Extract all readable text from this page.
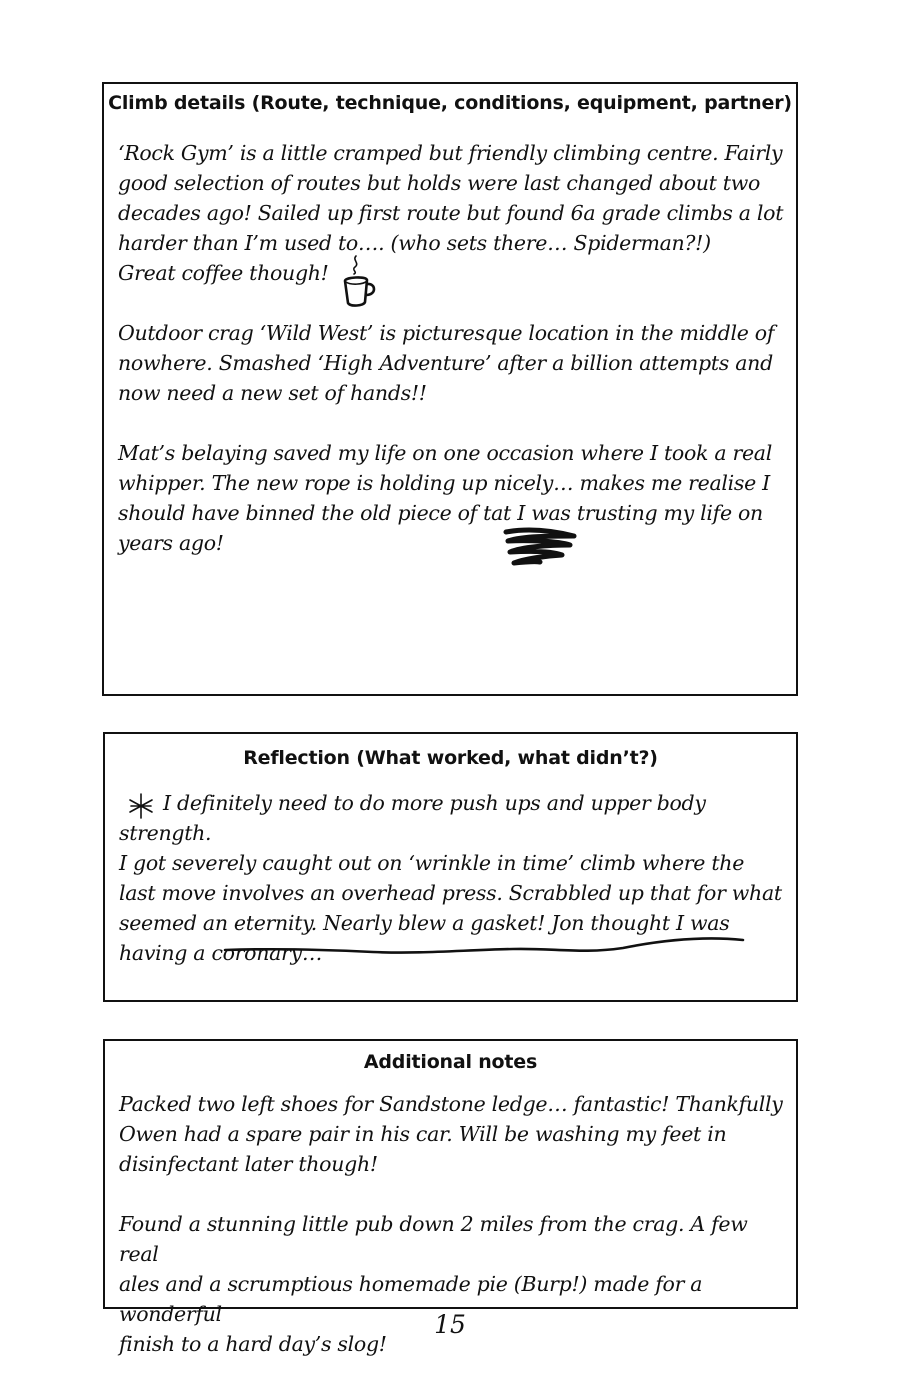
Climb details (Route, technique, conditions, equipment, partner)

‘Rock Gym’ is a little cramped but friendly climbing centre. Fairly
good selection of routes but holds were last changed about two
decades ago! Sailed up first route but found 6a grade climbs a lot
harder than I’m used to…. (who sets there… Spiderman?!)
Great coffee though!

Outdoor crag ‘Wild West’ is picturesque location in the middle of
nowhere. Smashed ‘High Adventure’ after a billion attempts and
now need a new set of hands!!

Mat’s belaying saved my life on one occasion where I took a real
whipper. The new rope is holding up nicely… makes me realise I
should have binned the old piece of tat I was trusting my life on
years ago!

Reflection (What worked, what didn’t?)

I definitely need to do more push ups and upper body strength.
I got severely caught out on ‘wrinkle in time’ climb where the
last move involves an overhead press. Scrabbled up that for what
seemed an eternity. Nearly blew a gasket! Jon thought I was
having a coronary…

Additional notes

Packed two left shoes for Sandstone ledge… fantastic! Thankfully
Owen had a spare pair in his car. Will be washing my feet in
disinfectant later though!

Found a stunning little pub down 2 miles from the crag. A few real
ales and a scrumptious homemade pie (Burp!) made for a wonderful
finish to a hard day’s slog!

15
